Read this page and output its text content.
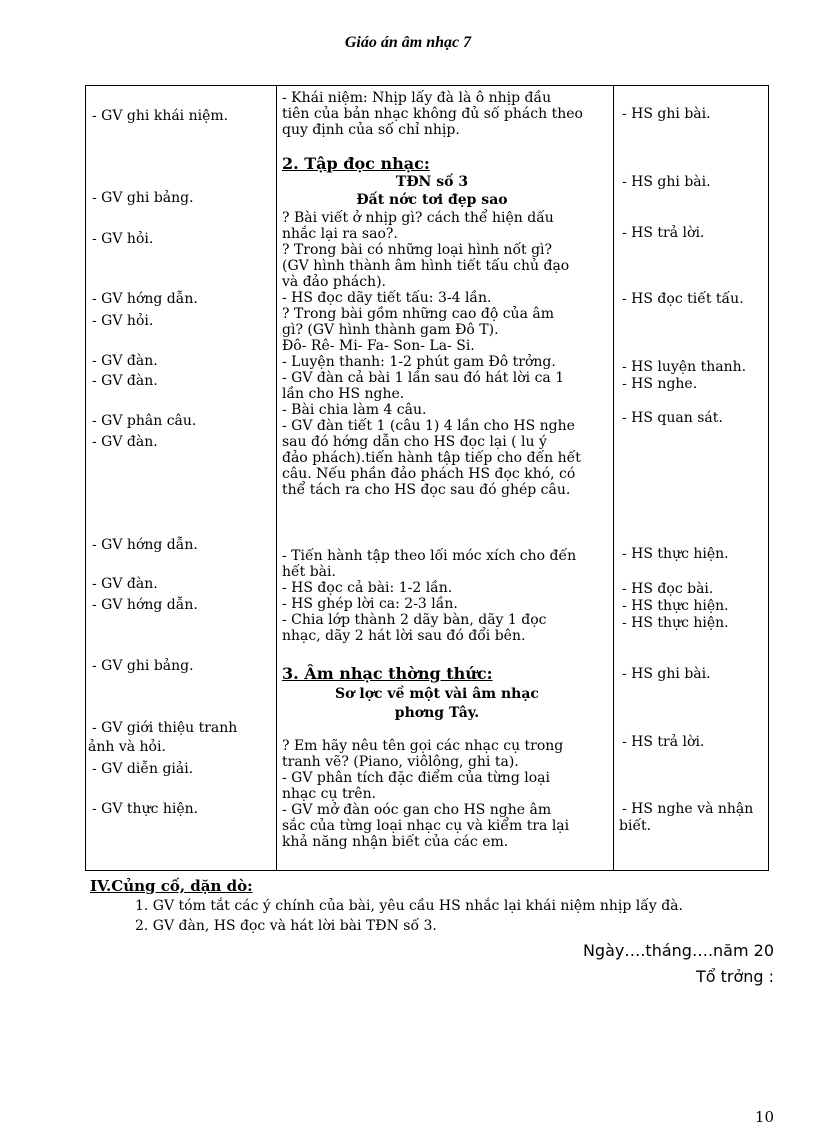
Giáo án âm nhạc 7
- GV ghi khái niệm.
- GV ghi bảng.
- GV hỏi.
- GV hớng dẫn.
- GV hỏi.
- GV đàn.
- GV đàn.
- GV phân câu.
- GV đàn.
- GV hớng dẫn.
- GV đàn.
- GV hớng dẫn.
- GV ghi bảng.
- GV giới thiệu tranh
ảnh và hỏi.
- GV diễn giải.
- GV thực hiện.
- Khái niệm: Nhịp lấy đà là ô nhịp đầu
tiên của bản nhạc không đủ số phách theo
quy định của số chỉ nhịp.
2. Tập đọc nhạc:
TĐN số 3
Đất nớc tơi đẹp sao
? Bài viết ở nhịp gì? cách thể hiện dấu
nhắc lại ra sao?.
? Trong bài có những loại hình nốt gì?
(GV hình thành âm hình tiết tấu chủ đạo
và đảo phách).
- HS đọc dãy tiết tấu: 3-4 lần.
? Trong bài gồm những cao độ của âm
gì? (GV hình thành gam Đô T).
Đô- Rê- Mi- Fa- Son- La- Si.
- Luyện thanh: 1-2 phút gam Đô trởng.
- GV đàn cả bài 1 lần sau đó hát lời ca 1
lần cho HS nghe.
- Bài chia làm 4 câu.
- GV đàn tiết 1 (câu 1) 4 lần cho HS nghe
sau đó hớng dẫn cho HS đọc lại ( lu ý
đảo phách).tiến hành tập tiếp cho đến hết
câu. Nếu phần đảo phách HS đọc khó, có
thể tách ra cho HS đọc sau đó ghép câu.
- Tiến hành tập theo lối móc xích cho đến
hết bài.
- HS đọc cả bài: 1-2 lần.
- HS ghép lời ca: 2-3 lần.
- Chia lớp thành 2 dãy bàn, dãy 1 đọc
nhạc, dãy 2 hát lời sau đó đổi bên.
3. Âm nhạc thờng thức:
Sơ lợc về một vài âm nhạc
phơng Tây.
? Em hãy nêu tên gọi các nhạc cụ trong
tranh vẽ? (Piano, viôlông, ghi ta).
- GV phân tích đặc điểm của từng loại
nhạc cụ trên.
- GV mở đàn oóc gan cho HS nghe âm
sắc của từng loại nhạc cụ và kiểm tra lại
khả năng nhận biết của các em.
- HS ghi bài.
- HS ghi bài.
- HS trả lời.
- HS đọc tiết tấu.
- HS luyện thanh.
- HS nghe.
- HS quan sát.
- HS thực hiện.
- HS đọc bài.
- HS thực hiện.
- HS thực hiện.
- HS ghi bài.
- HS trả lời.
- HS nghe và nhận
biết.
IV.Củng cố, dặn dò:
1. GV tóm tắt các ý chính của bài, yêu cầu HS nhắc lại khái niệm nhịp lấy đà.
2. GV đàn, HS đọc và hát lời bài TĐN số 3.
Ngày….tháng….năm 20
Tổ trởng :
10
